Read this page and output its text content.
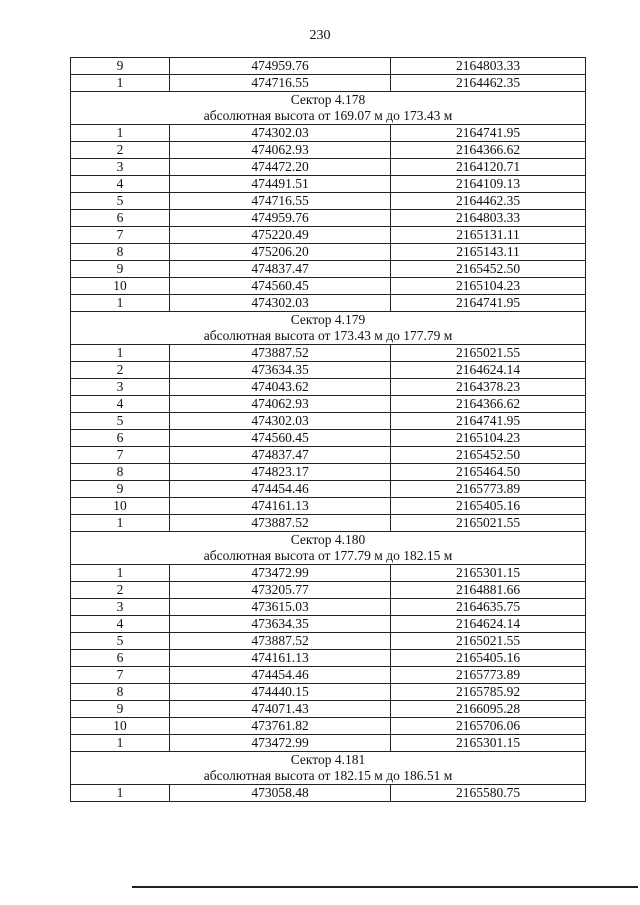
230
9	474959.76	2164803.33
1	474716.55	2164462.35
Сектор 4.178		
абсолютная высота от 169.07 м до 173.43 м		
1	474302.03	2164741.95
2	474062.93	2164366.62
3	474472.20	2164120.71
4	474491.51	2164109.13
5	474716.55	2164462.35
6	474959.76	2164803.33
7	475220.49	2165131.11
8	475206.20	2165143.11
9	474837.47	2165452.50
10	474560.45	2165104.23
1	474302.03	2164741.95
Сектор 4.179		
абсолютная высота от 173.43 м до 177.79 м		
1	473887.52	2165021.55
2	473634.35	2164624.14
3	474043.62	2164378.23
4	474062.93	2164366.62
5	474302.03	2164741.95
6	474560.45	2165104.23
7	474837.47	2165452.50
8	474823.17	2165464.50
9	474454.46	2165773.89
10	474161.13	2165405.16
1	473887.52	2165021.55
Сектор 4.180		
абсолютная высота от 177.79 м до 182.15 м		
1	473472.99	2165301.15
2	473205.77	2164881.66
3	473615.03	2164635.75
4	473634.35	2164624.14
5	473887.52	2165021.55
6	474161.13	2165405.16
7	474454.46	2165773.89
8	474440.15	2165785.92
9	474071.43	2166095.28
10	473761.82	2165706.06
1	473472.99	2165301.15
Сектор 4.181		
абсолютная высота от 182.15 м до 186.51 м		
1	473058.48	2165580.75
